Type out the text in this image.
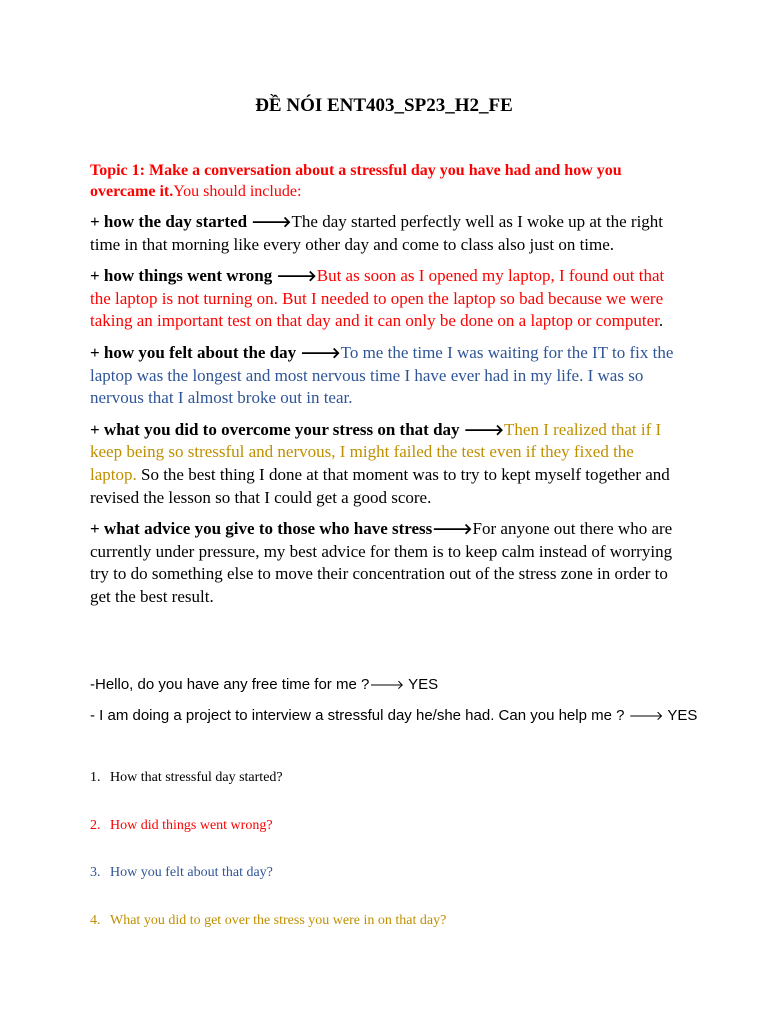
ĐỀ NÓI ENT403_SP23_H2_FE

Topic 1: Make a conversation about a stressful day you have had and how you overcame it.You should include:

+ how the day started 🡒The day started perfectly well as I woke up at the right time in that morning like every other day and come to class also just on time.

+ how things went wrong 🡒But as soon as I opened my laptop, I found out that the laptop is not turning on. But I needed to open the laptop so bad because we were taking an important test on that day and it can only be done on a laptop or computer.

+ how you felt about the day 🡒To me the time I was waiting for the IT to fix the laptop was the longest and most nervous time I have ever had in my life. I was so nervous that I almost broke out in tear.

+ what you did to overcome your stress on that day 🡒Then I realized that if I keep being so stressful and nervous, I might failed the test even if they fixed the laptop. So the best thing I done at that moment was to try to kept myself together and revised the lesson so that I could get a good score.

+ what advice you give to those who have stress🡒For anyone out there who are currently under pressure, my best advice for them is to keep calm instead of worrying try to do something else to move their concentration out of the stress zone in order to get the best result.

-Hello, do you have any free time for me ?🡒 YES
- I am doing a project to interview a stressful day he/she had. Can you help me ? 🡒 YES
1. How that stressful day started?
2. How did things went wrong?
3. How you felt about that day?
4. What you did to get over the stress you were in on that day?
